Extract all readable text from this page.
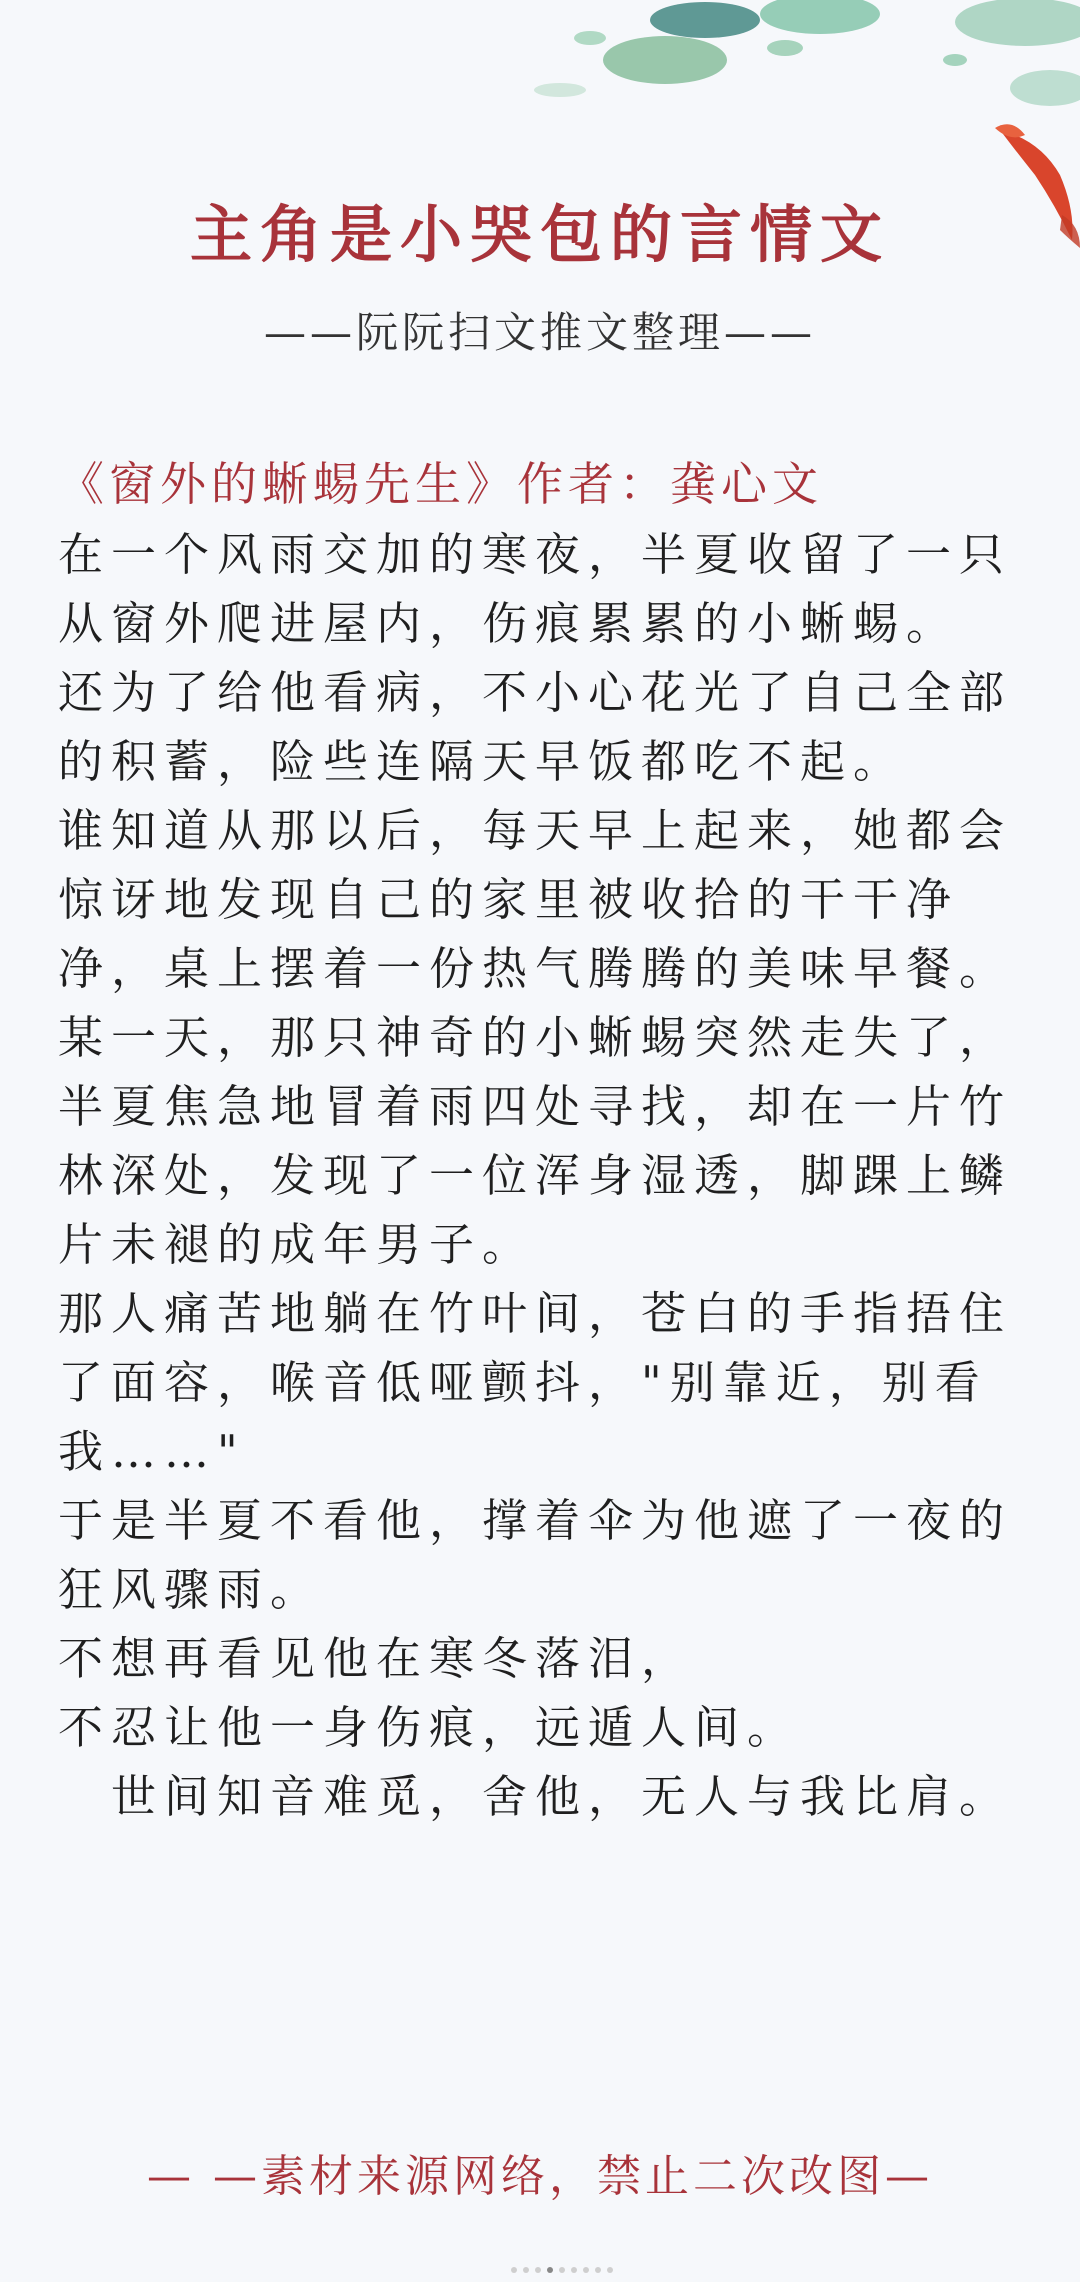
主角是小哭包的言情文
——阮阮扫文推文整理——
《窗外的蜥蜴先生》作者：龚心文

在一个风雨交加的寒夜，半夏收留了一只从窗外爬进屋内，伤痕累累的小蜥蜴。

还为了给他看病，不小心花光了自己全部的积蓄，险些连隔天早饭都吃不起。

谁知道从那以后，每天早上起来，她都会惊讶地发现自己的家里被收拾的干干净净，桌上摆着一份热气腾腾的美味早餐。

某一天，那只神奇的小蜥蜴突然走失了，半夏焦急地冒着雨四处寻找，却在一片竹林深处，发现了一位浑身湿透，脚踝上鳞片未褪的成年男子。

那人痛苦地躺在竹叶间，苍白的手指捂住了面容，喉音低哑颤抖，"别靠近，别看我……"

于是半夏不看他，撑着伞为他遮了一夜的狂风骤雨。

不想再看见他在寒冬落泪，

不忍让他一身伤痕，远遁人间。

　世间知音难觅，舍他，无人与我比肩。

— —素材来源网络，禁止二次改图—
